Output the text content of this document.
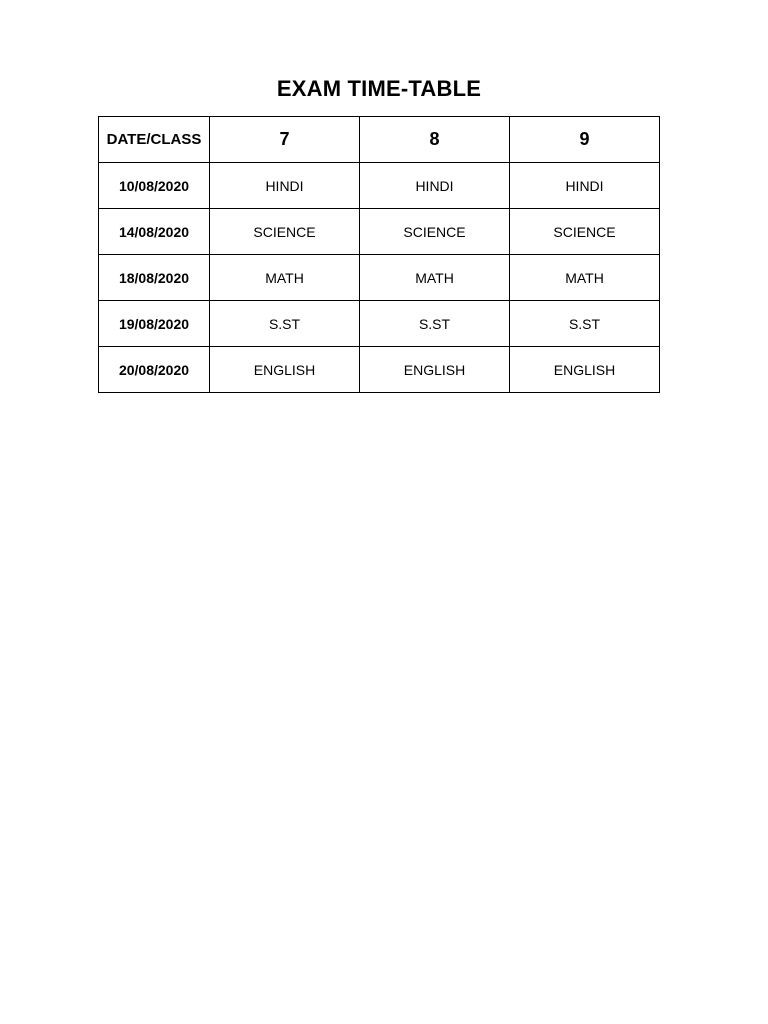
EXAM TIME-TABLE
DATE/CLASS	7	8	9
10/08/2020	HINDI	HINDI	HINDI
14/08/2020	SCIENCE	SCIENCE	SCIENCE
18/08/2020	MATH	MATH	MATH
19/08/2020	S.ST	S.ST	S.ST
20/08/2020	ENGLISH	ENGLISH	ENGLISH
